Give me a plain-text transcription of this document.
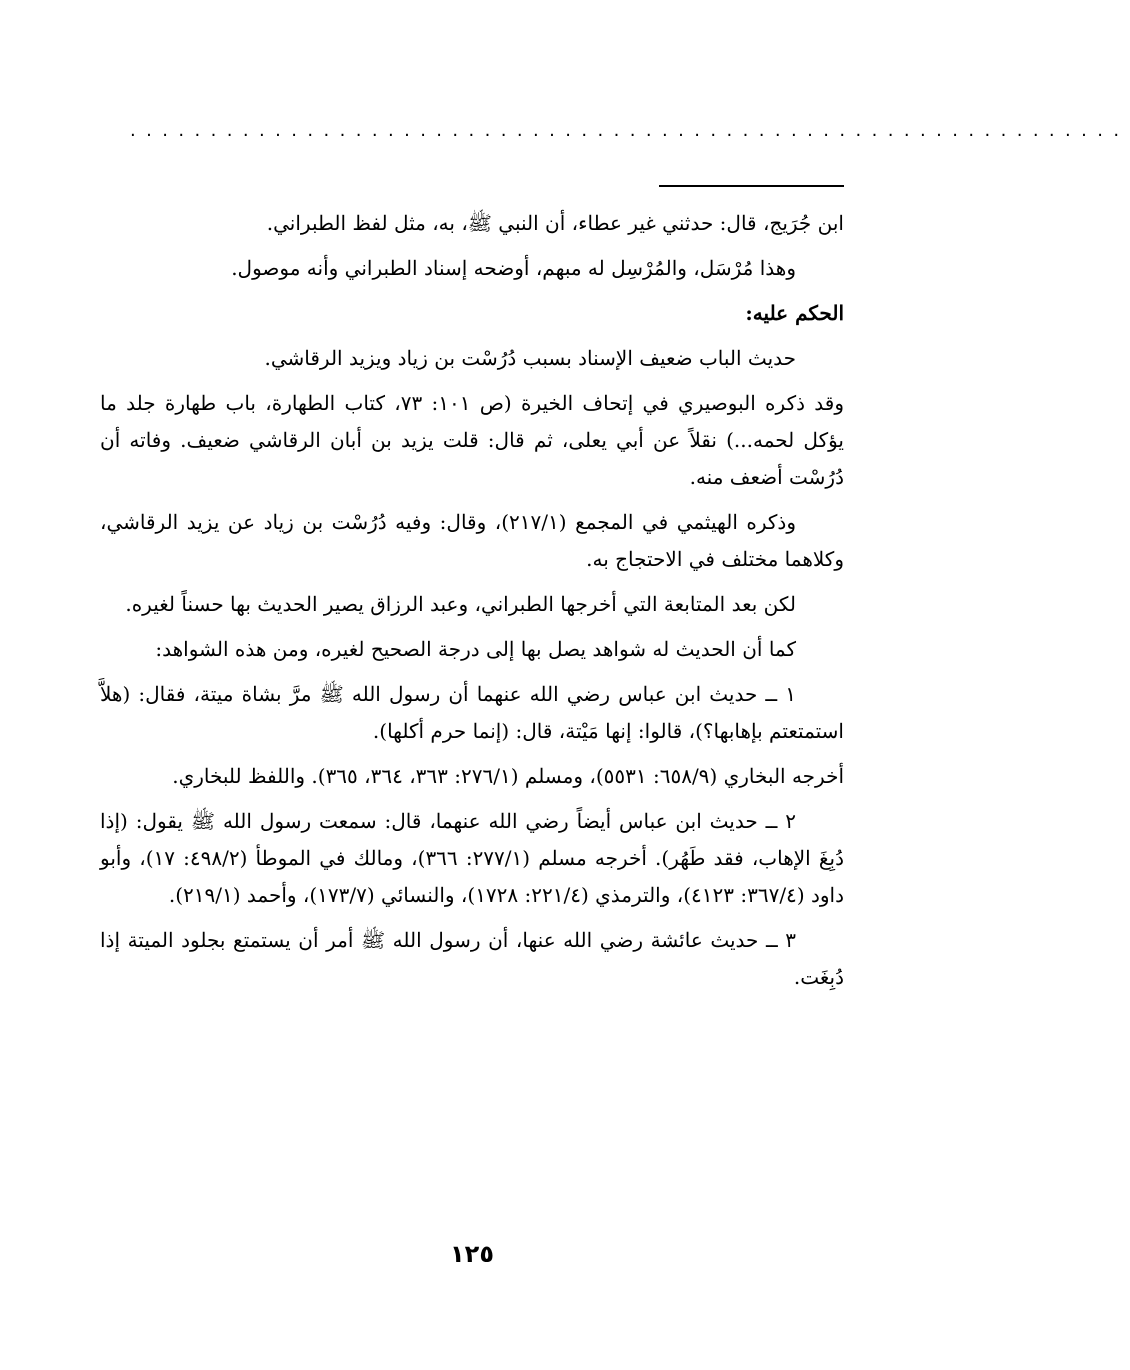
..............................................................

ابن جُرَيج، قال: حدثني غير عطاء، أن النبي ﷺ، به، مثل لفظ الطبراني.

وهذا مُرْسَل، والمُرْسِل له مبهم، أوضحه إسناد الطبراني وأنه موصول.

الحكم عليه:

حديث الباب ضعيف الإسناد بسبب دُرُسْت بن زياد ويزيد الرقاشي.

وقد ذكره البوصيري في إتحاف الخيرة (ص ١٠١: ٧٣، كتاب الطهارة، باب طهارة جلد ما يؤكل لحمه...) نقلاً عن أبي يعلى، ثم قال: قلت يزيد بن أبان الرقاشي ضعيف. وفاته أن دُرُسْت أضعف منه.

وذكره الهيثمي في المجمع (٢١٧/١)، وقال: وفيه دُرُسْت بن زياد عن يزيد الرقاشي، وكلاهما مختلف في الاحتجاج به.

لكن بعد المتابعة التي أخرجها الطبراني، وعبد الرزاق يصير الحديث بها حسناً لغيره.

كما أن الحديث له شواهد يصل بها إلى درجة الصحيح لغيره، ومن هذه الشواهد:

١ ــ حديث ابن عباس رضي الله عنهما أن رسول الله ﷺ مرَّ بشاة ميتة، فقال: (هلاَّ استمتعتم بإهابها؟)، قالوا: إنها مَيْتة، قال: (إنما حرم أكلها).

أخرجه البخاري (٦٥٨/٩: ٥٥٣١)، ومسلم (٢٧٦/١: ٣٦٣، ٣٦٤، ٣٦٥). واللفظ للبخاري.

٢ ــ حديث ابن عباس أيضاً رضي الله عنهما، قال: سمعت رسول الله ﷺ يقول: (إذا دُبِغَ الإهاب، فقد طَهُر). أخرجه مسلم (٢٧٧/١: ٣٦٦)، ومالك في الموطأ (٤٩٨/٢: ١٧)، وأبو داود (٣٦٧/٤: ٤١٢٣)، والترمذي (٢٢١/٤: ١٧٢٨)، والنسائي (١٧٣/٧)، وأحمد (٢١٩/١).

٣ ــ حديث عائشة رضي الله عنها، أن رسول الله ﷺ أمر أن يستمتع بجلود الميتة إذا دُبِغَت.

١٢٥
